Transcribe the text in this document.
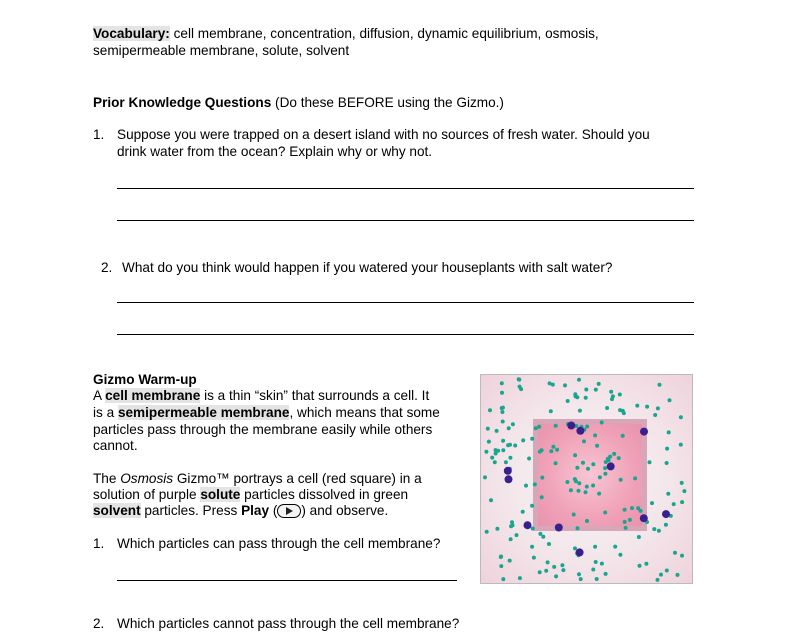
Vocabulary: cell membrane, concentration, diffusion, dynamic equilibrium, osmosis,
semipermeable membrane, solute, solvent
Prior Knowledge Questions (Do these BEFORE using the Gizmo.)
1. Suppose you were trapped on a desert island with no sources of fresh water. Should you
drink water from the ocean? Explain why or why not.
2. What do you think would happen if you watered your houseplants with salt water?
Gizmo Warm-up
A cell membrane is a thin “skin” that surrounds a cell. It
is a semipermeable membrane, which means that some
particles pass through the membrane easily while others
cannot.
The Osmosis Gizmo™ portrays a cell (red square) in a
solution of purple solute particles dissolved in green
solvent particles. Press Play ( ) and observe.
1. Which particles can pass through the cell membrane?
2. Which particles cannot pass through the cell membrane?
